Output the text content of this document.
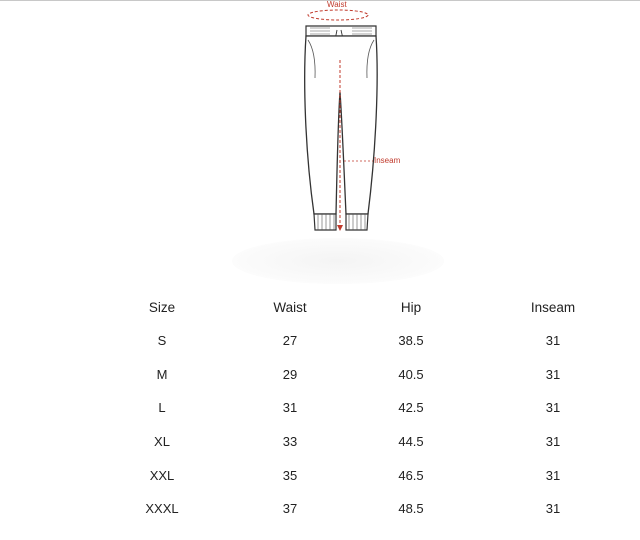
Waist
Inseam
Size	Waist	Hip	Inseam
S	27	38.5	31
M	29	40.5	31
L	31	42.5	31
XL	33	44.5	31
XXL	35	46.5	31
XXXL	37	48.5	31
